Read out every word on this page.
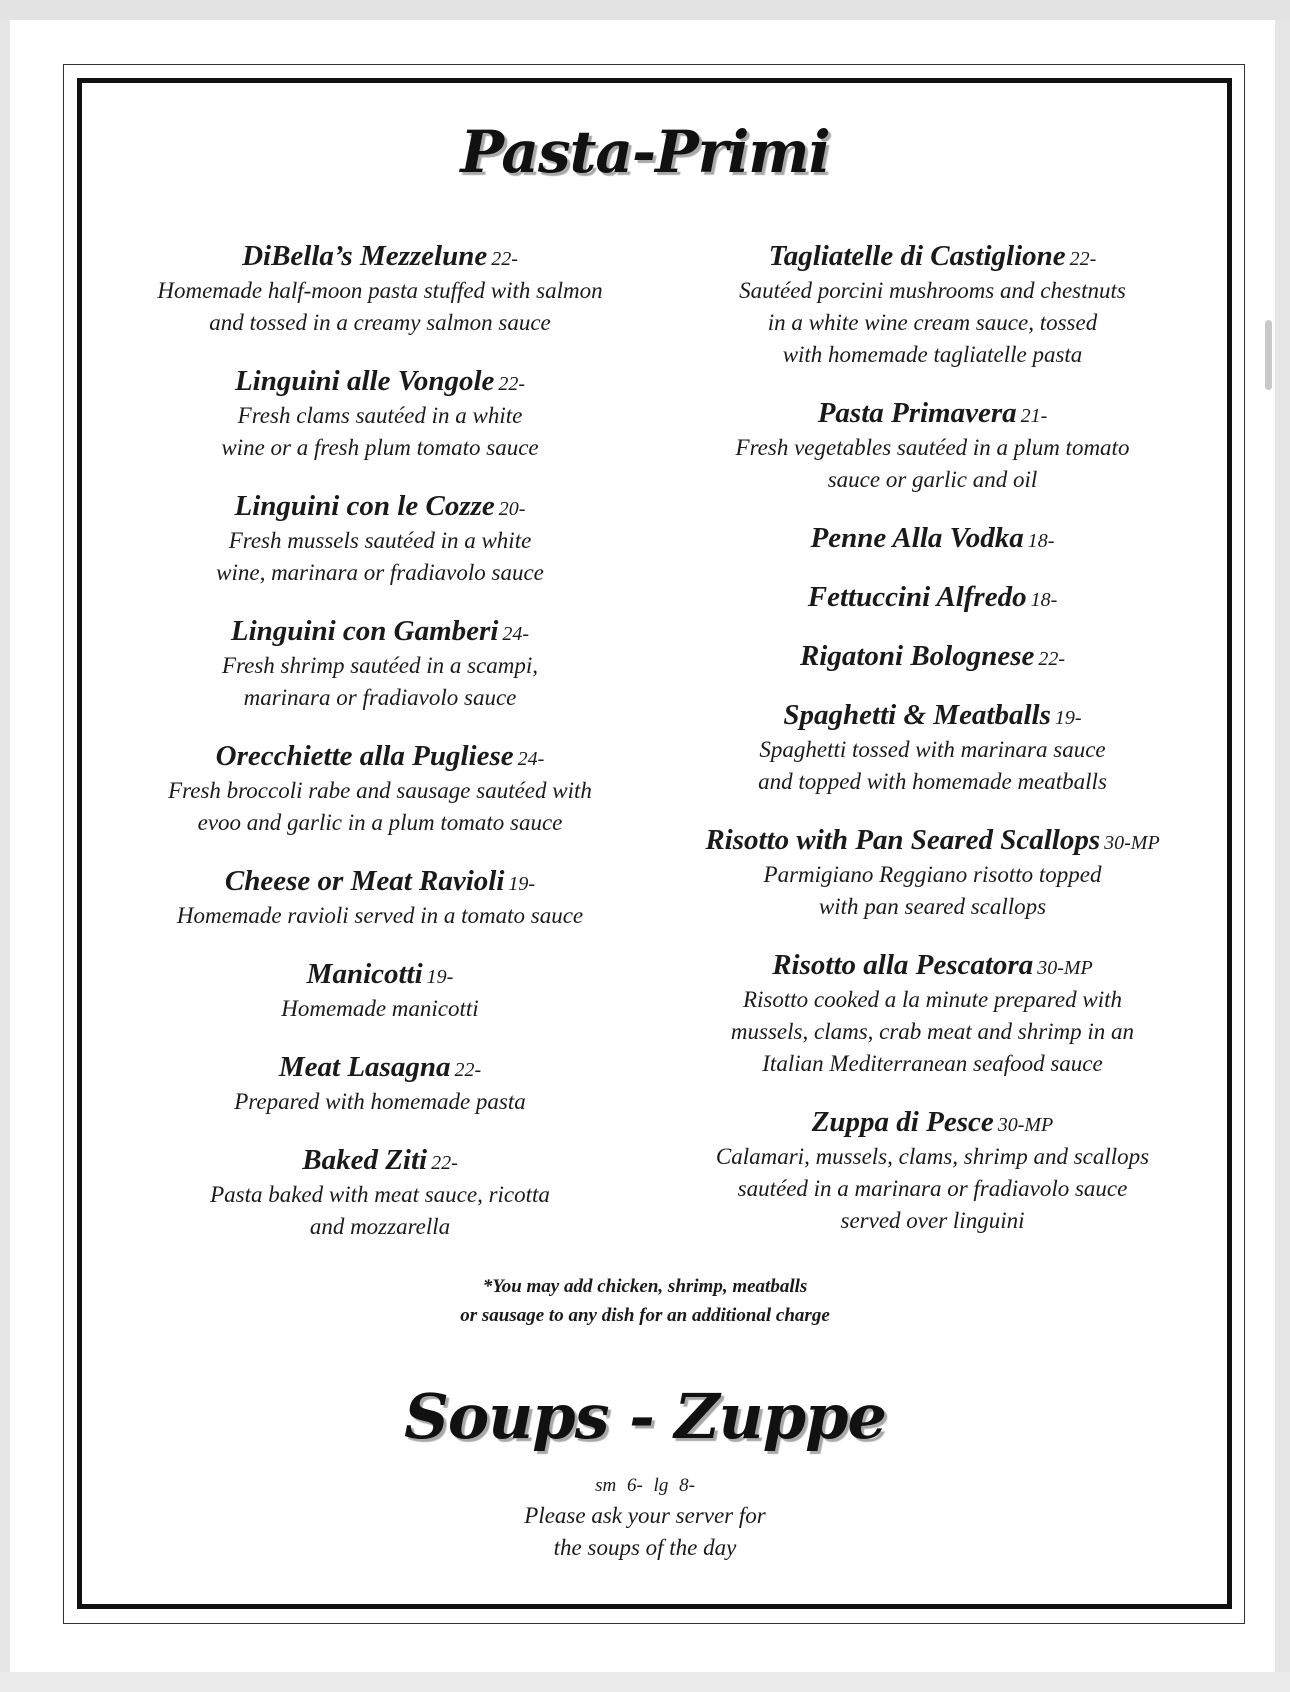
Pasta-Primi
DiBella’s Mezzelune 22-
Homemade half-moon pasta stuffed with salmon
and tossed in a creamy salmon sauce
Linguini alle Vongole 22-
Fresh clams sautéed in a white
wine or a fresh plum tomato sauce
Linguini con le Cozze 20-
Fresh mussels sautéed in a white
wine, marinara or fradiavolo sauce
Linguini con Gamberi 24-
Fresh shrimp sautéed in a scampi,
marinara or fradiavolo sauce
Orecchiette alla Pugliese 24-
Fresh broccoli rabe and sausage sautéed with
evoo and garlic in a plum tomato sauce
Cheese or Meat Ravioli 19-
Homemade ravioli served in a tomato sauce
Manicotti 19-
Homemade manicotti
Meat Lasagna 22-
Prepared with homemade pasta
Baked Ziti 22-
Pasta baked with meat sauce, ricotta
and mozzarella
Tagliatelle di Castiglione 22-
Sautéed porcini mushrooms and chestnuts
in a white wine cream sauce, tossed
with homemade tagliatelle pasta
Pasta Primavera 21-
Fresh vegetables sautéed in a plum tomato
sauce or garlic and oil
Penne Alla Vodka 18-
Fettuccini Alfredo 18-
Rigatoni Bolognese 22-
Spaghetti & Meatballs 19-
Spaghetti tossed with marinara sauce
and topped with homemade meatballs
Risotto with Pan Seared Scallops 30-MP
Parmigiano Reggiano risotto topped
with pan seared scallops
Risotto alla Pescatora 30-MP
Risotto cooked a la minute prepared with
mussels, clams, crab meat and shrimp in an
Italian Mediterranean seafood sauce
Zuppa di Pesce 30-MP
Calamari, mussels, clams, shrimp and scallops
sautéed in a marinara or fradiavolo sauce
served over linguini
*You may add chicken, shrimp, meatballs
or sausage to any dish for an additional charge
Soups - Zuppe
sm 6- lg 8-
Please ask your server for
the soups of the day
